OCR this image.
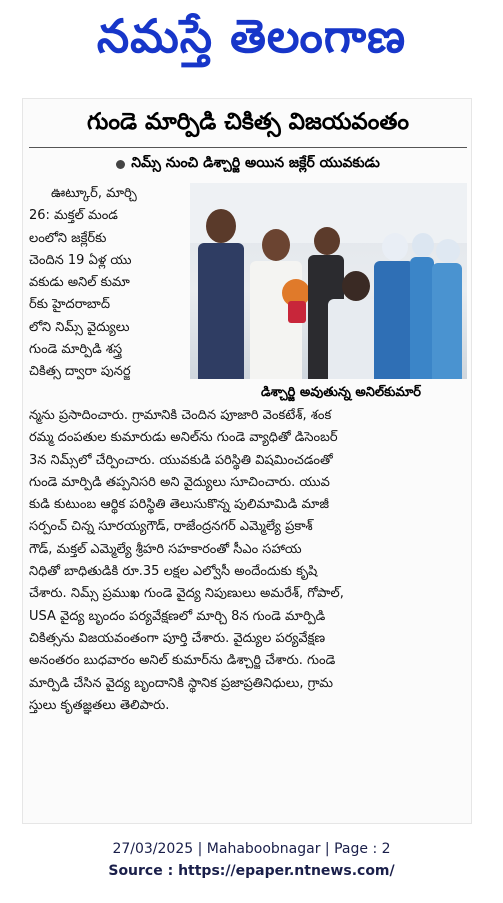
నమస్తే తెలంగాణ
గుండె మార్పిడి చికిత్స విజయవంతం
నిమ్స్ నుంచి డిశ్చార్జి అయిన జక్లేర్ యువకుడు
ఊట్కూర్, మార్చి
26: మక్తల్ మండ
లంలోని జక్లేర్‌కు
చెందిన 19 ఏళ్ల యు
వకుడు అనిల్ కుమా
ర్‌కు హైదరాబాద్
లోని నిమ్స్ వైద్యులు
గుండె మార్పిడి శస్త్ర
చికిత్స ద్వారా పునర్జ
డిశ్చార్జి అవుతున్న అనిల్‌కుమార్
న్మను ప్రసాదించారు. గ్రామానికి చెందిన పూజారి వెంకటేశ్, శంక
రమ్మ దంపతుల కుమారుడు అనిల్‌ను గుండె వ్యాధితో డిసెంబర్
3న నిమ్స్‌లో చేర్పించారు. యువకుడి పరిస్థితి విషమించడంతో
గుండె మార్పిడి తప్పనిసరి అని వైద్యులు సూచించారు. యువ
కుడి కుటుంబ ఆర్థిక పరిస్థితి తెలుసుకొన్న పులిమామిడి మాజీ
సర్పంచ్ చిన్న సూరయ్యగౌడ్, రాజేంద్రనగర్ ఎమ్మెల్యే ప్రకాశ్
గౌడ్, మక్తల్ ఎమ్మెల్యే శ్రీహరి సహకారంతో సీఎం సహాయ
నిధితో బాధితుడికి రూ.35 లక్షల ఎల్వోసీ అందేందుకు కృషి
చేశారు. నిమ్స్ ప్రముఖ గుండె వైద్య నిపుణులు అమరేశ్, గోపాల్,
USA వైద్య బృందం పర్యవేక్షణలో మార్చి 8న గుండె మార్పిడి
చికిత్సను విజయవంతంగా పూర్తి చేశారు. వైద్యుల పర్యవేక్షణ
అనంతరం బుధవారం అనిల్ కుమార్‌ను డిశ్చార్జి చేశారు. గుండె
మార్పిడి చేసిన వైద్య బృందానికి స్థానిక ప్రజాప్రతినిధులు, గ్రామ
స్తులు కృతజ్ఞతలు తెలిపారు.
27/03/2025 | Mahaboobnagar | Page : 2
Source : https://epaper.ntnews.com/
